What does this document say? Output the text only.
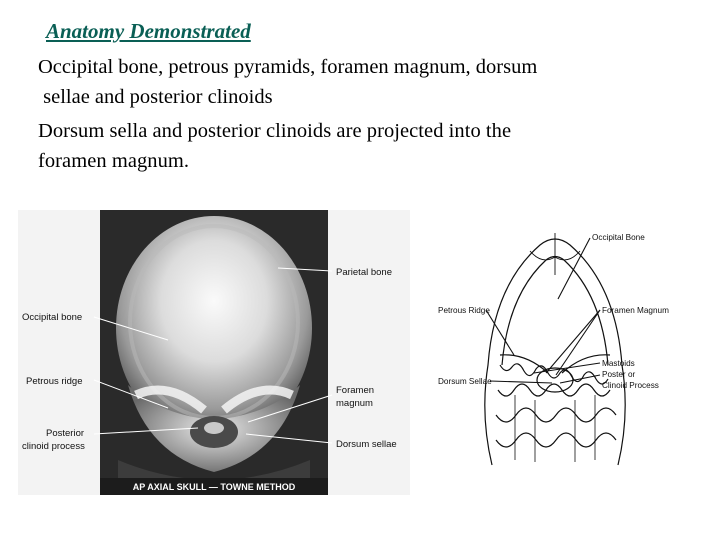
Anatomy Demonstrated
Occipital bone, petrous pyramids, foramen magnum, dorsum
sellae and posterior clinoids
Dorsum sella and posterior clinoids are projected into the
foramen magnum.
AP AXIAL SKULL — TOWNE METHOD
Parietal bone
Foramen
magnum
Dorsum sellae
Occipital bone
Petrous ridge
Posterior
clinoid process
Occipital Bone
Petrous Ridge	Foramen Magnum
Mastoids
Dorsum Sellae
Poster or
Clinoid Process
